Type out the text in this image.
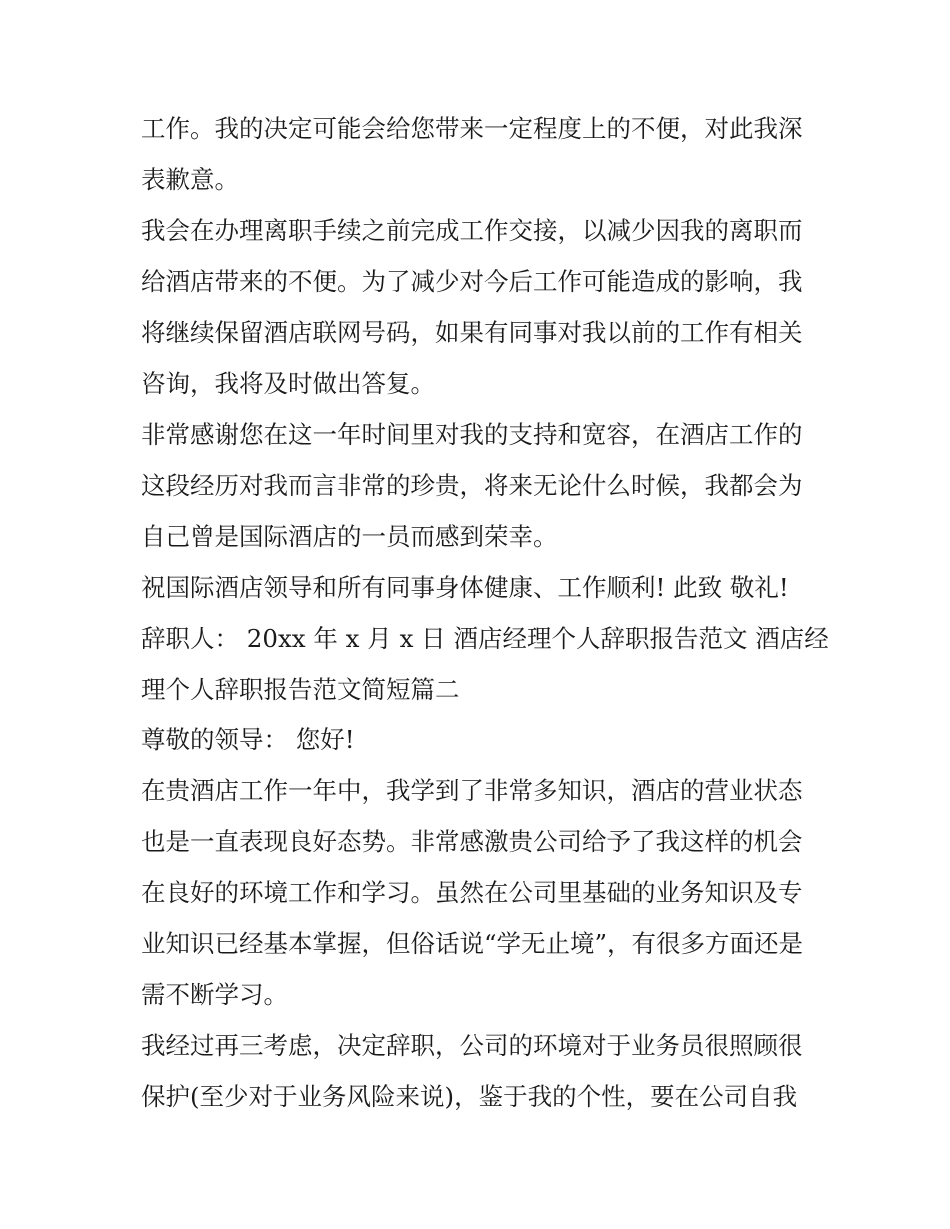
工作。我的决定可能会给您带来一定程度上的不便，对此我深

表歉意。

我会在办理离职手续之前完成工作交接，以减少因我的离职而

给酒店带来的不便。为了减少对今后工作可能造成的影响，我

将继续保留酒店联网号码，如果有同事对我以前的工作有相关

咨询，我将及时做出答复。

非常感谢您在这一年时间里对我的支持和宽容，在酒店工作的

这段经历对我而言非常的珍贵，将来无论什么时候，我都会为

自己曾是国际酒店的一员而感到荣幸。

祝国际酒店领导和所有同事身体健康、工作顺利! 此致 敬礼!

辞职人： 20xx 年 x 月 x 日 酒店经理个人辞职报告范文 酒店经

理个人辞职报告范文简短篇二

尊敬的领导： 您好!

在贵酒店工作一年中，我学到了非常多知识，酒店的营业状态

也是一直表现良好态势。非常感激贵公司给予了我这样的机会

在良好的环境工作和学习。虽然在公司里基础的业务知识及专

业知识已经基本掌握，但俗话说“学无止境”，有很多方面还是

需不断学习。

我经过再三考虑，决定辞职，公司的环境对于业务员很照顾很

保护(至少对于业务风险来说)，鉴于我的个性，要在公司自我
